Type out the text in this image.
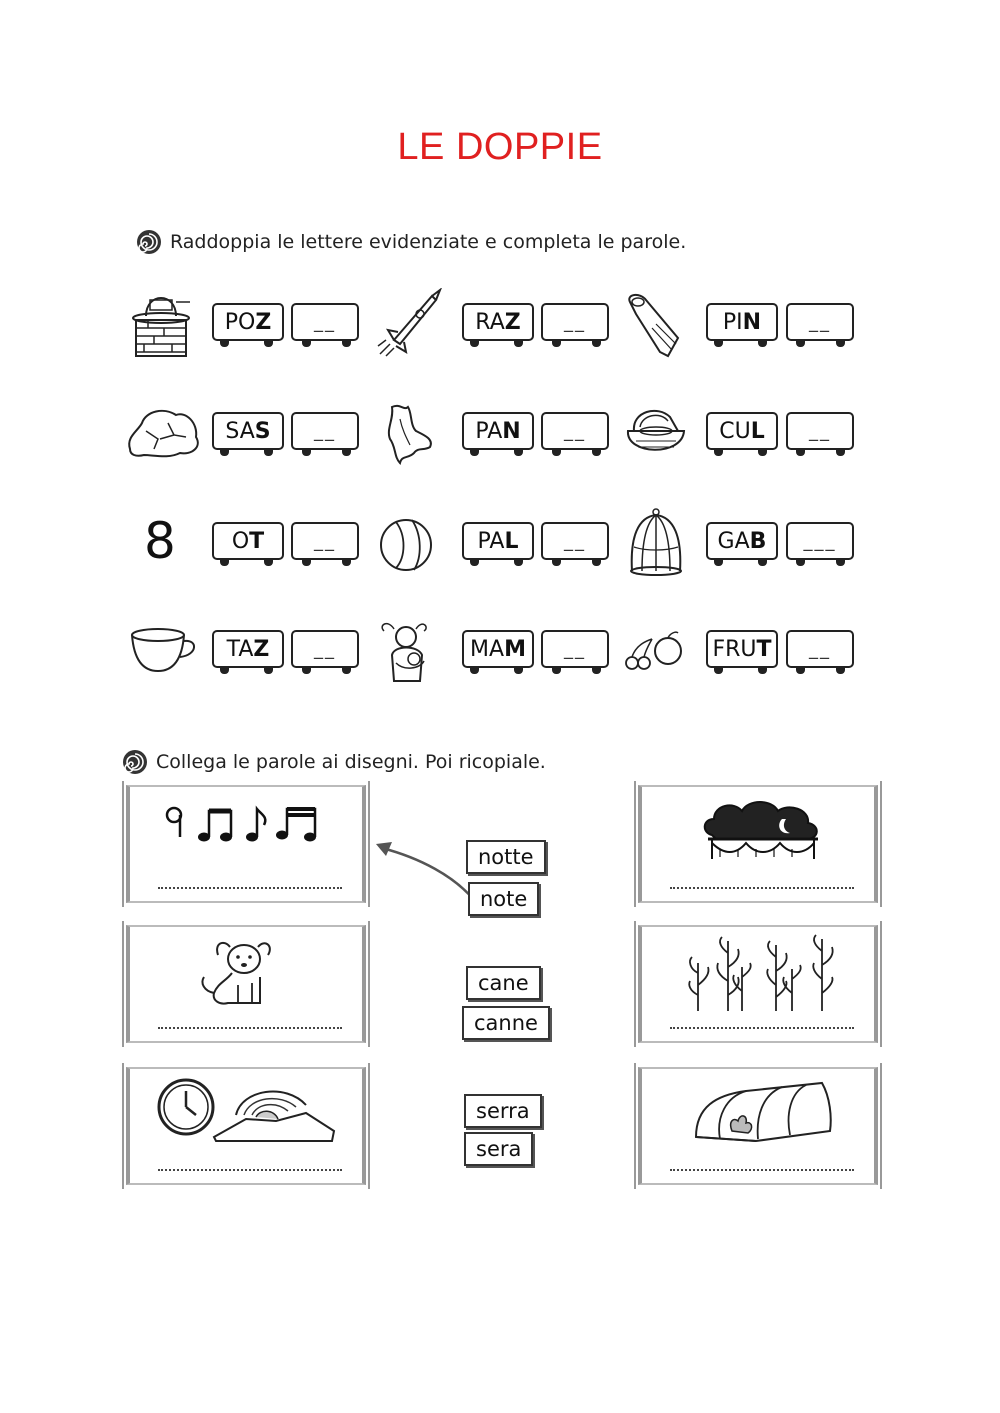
LE DOPPIE
Raddoppia le lettere evidenziate e completa le parole.
PO Z	__	RA Z	__	PI N	__
SA S	__	PA N	__	CU L	__
8	O T	__	PA L	__	GA B	___
TA Z	__	MA M	__	FRU T	__
Collega le parole ai disegni. Poi ricopiale.
notte
note
cane
canne
serra
sera
